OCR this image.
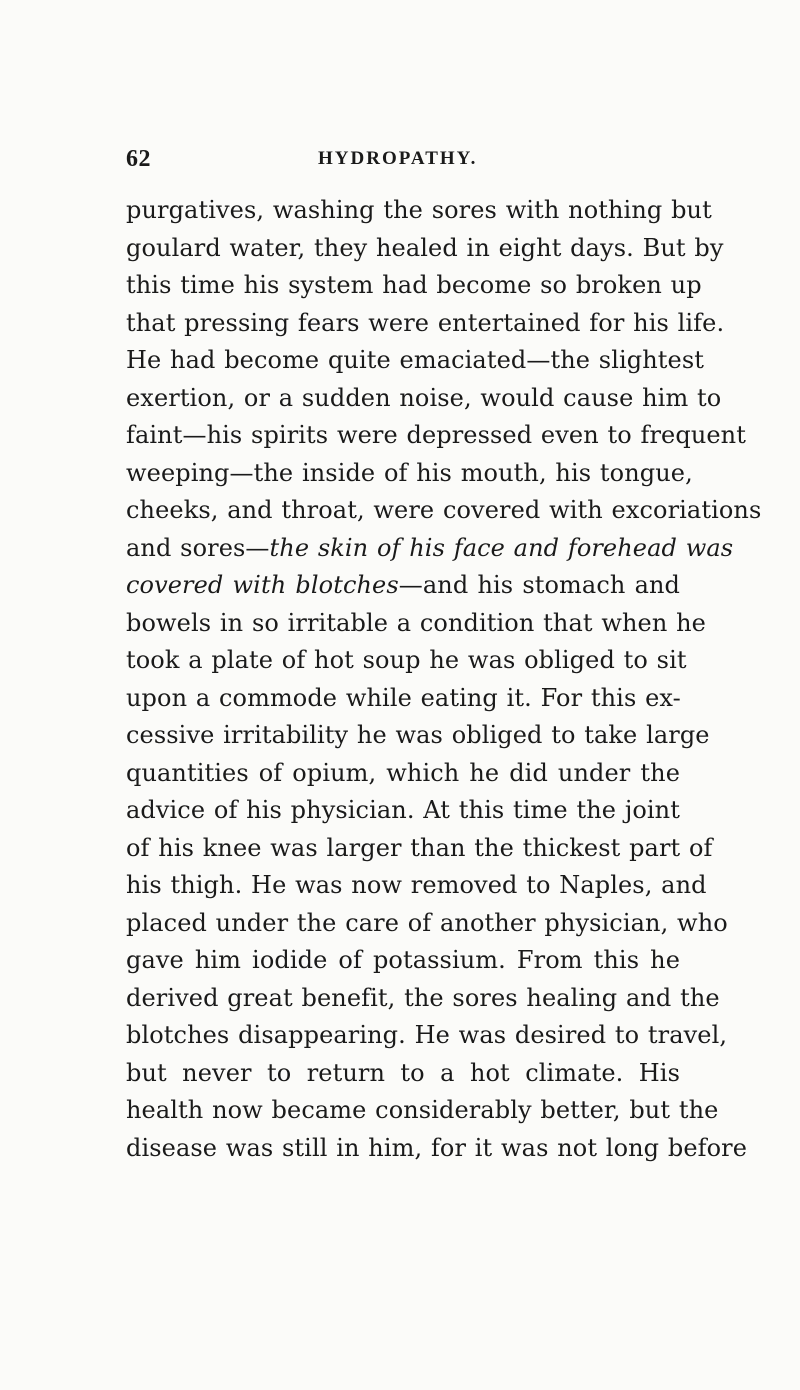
62	HYDROPATHY.
purgatives, washing the sores with nothing but
goulard water, they healed in eight days. But by
this time his system had become so broken up
that pressing fears were entertained for his life.
He had become quite emaciated—the slightest
exertion, or a sudden noise, would cause him to
faint—his spirits were depressed even to frequent
weeping—the inside of his mouth, his tongue,
cheeks, and throat, were covered with excoriations
and sores—the skin of his face and forehead was
covered with blotches—and his stomach and
bowels in so irritable a condition that when he
took a plate of hot soup he was obliged to sit
upon a commode while eating it. For this ex-
cessive irritability he was obliged to take large
quantities of opium, which he did under the
advice of his physician. At this time the joint
of his knee was larger than the thickest part of
his thigh. He was now removed to Naples, and
placed under the care of another physician, who
gave him iodide of potassium. From this he
derived great benefit, the sores healing and the
blotches disappearing. He was desired to travel,
but never to return to a hot climate. His
health now became considerably better, but the
disease was still in him, for it was not long before
